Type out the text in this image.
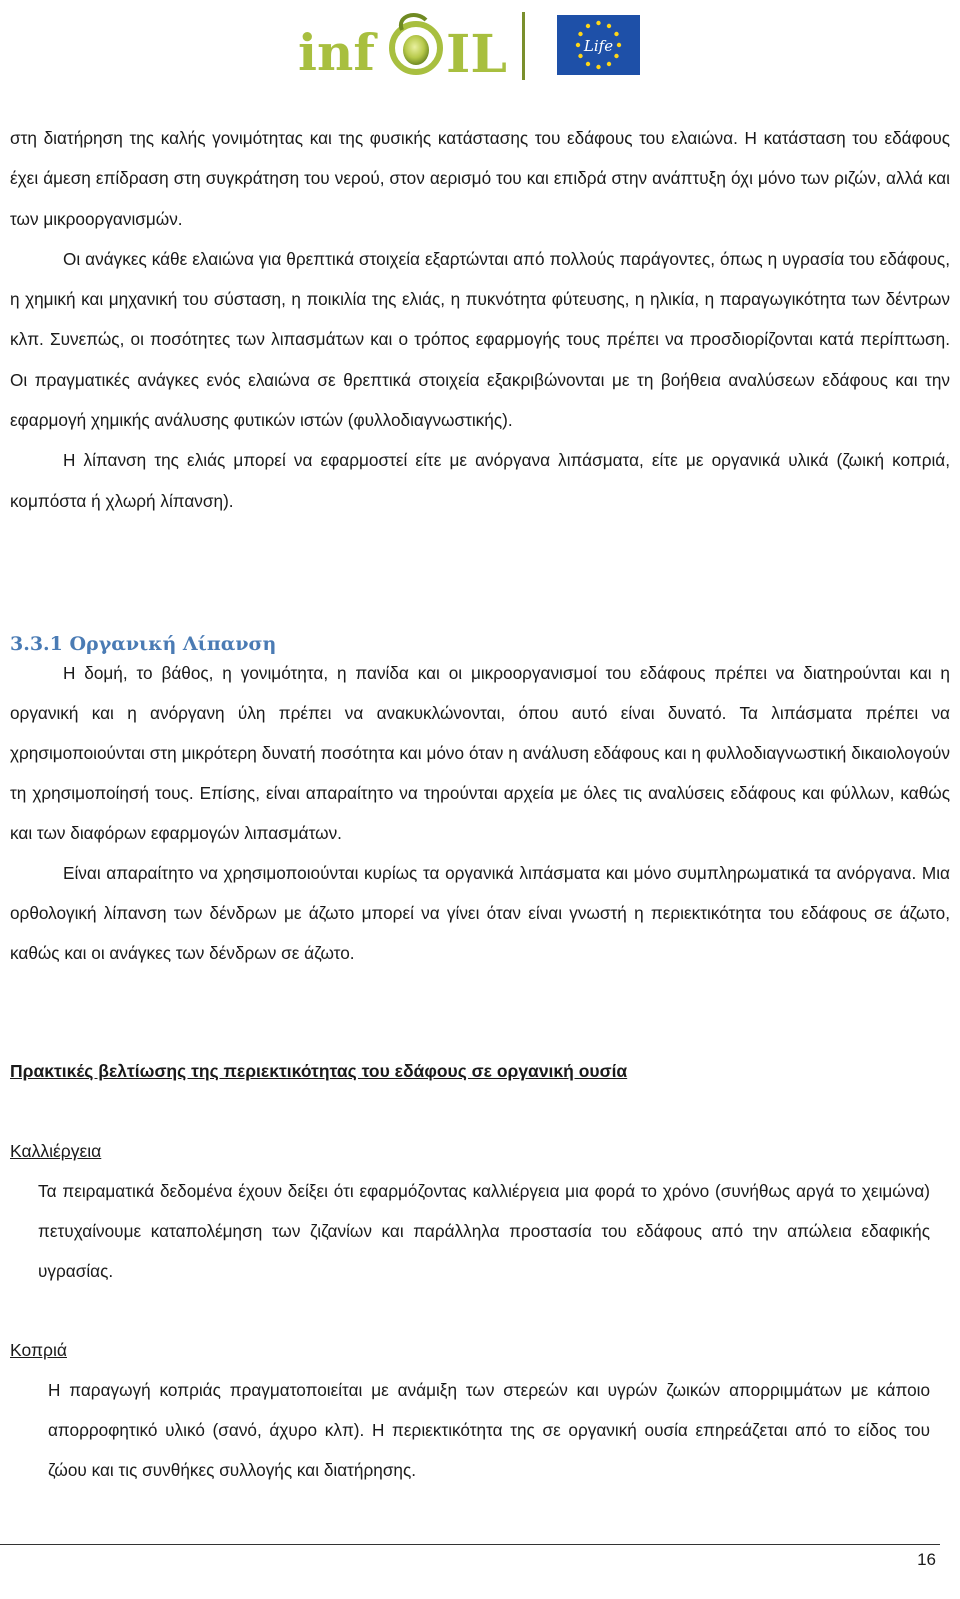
inf IL	Life

στη διατήρηση της καλής γονιμότητας και της φυσικής κατάστασης του εδάφους του ελαιώνα. Η κατάσταση του εδάφους έχει άμεση επίδραση στη συγκράτηση του νερού, στον αερισμό του και επιδρά στην ανάπτυξη όχι μόνο των ριζών, αλλά και των μικροοργανισμών.

Οι ανάγκες κάθε ελαιώνα για θρεπτικά στοιχεία εξαρτώνται από πολλούς παράγοντες, όπως η υγρασία του εδάφους, η χημική και μηχανική του σύσταση, η ποικιλία της ελιάς, η πυκνότητα φύτευσης, η ηλικία, η παραγωγικότητα των δέντρων κλπ. Συνεπώς, οι ποσότητες των λιπασμάτων και ο τρόπος εφαρμογής τους πρέπει να προσδιορίζονται κατά περίπτωση. Οι πραγματικές ανάγκες ενός ελαιώνα σε θρεπτικά στοιχεία εξακριβώνονται με τη βοήθεια αναλύσεων εδάφους και την εφαρμογή χημικής ανάλυσης φυτικών ιστών (φυλλοδιαγνωστικής).

Η λίπανση της ελιάς μπορεί να εφαρμοστεί είτε με ανόργανα λιπάσματα, είτε με οργανικά υλικά (ζωική κοπριά, κομπόστα ή χλωρή λίπανση).

3.3.1 Οργανική Λίπανση

Η δομή, το βάθος, η γονιμότητα, η πανίδα και οι μικροοργανισμοί του εδάφους πρέπει να διατηρούνται και η οργανική και η ανόργανη ύλη πρέπει να ανακυκλώνονται, όπου αυτό είναι δυνατό. Τα λιπάσματα πρέπει να χρησιμοποιούνται στη μικρότερη δυνατή ποσότητα και μόνο όταν η ανάλυση εδάφους και η φυλλοδιαγνωστική δικαιολογούν τη χρησιμοποίησή τους. Επίσης, είναι απαραίτητο να τηρούνται αρχεία με όλες τις αναλύσεις εδάφους και φύλλων, καθώς και των διαφόρων εφαρμογών λιπασμάτων.

Είναι απαραίτητο να χρησιμοποιούνται κυρίως τα οργανικά λιπάσματα και μόνο συμπληρωματικά τα ανόργανα. Μια ορθολογική λίπανση των δένδρων με άζωτο μπορεί να γίνει όταν είναι γνωστή η περιεκτικότητα του εδάφους σε άζωτο, καθώς και οι ανάγκες των δένδρων σε άζωτο.

Πρακτικές βελτίωσης της περιεκτικότητας του εδάφους σε οργανική ουσία

Καλλιέργεια

Τα πειραματικά δεδομένα έχουν δείξει ότι εφαρμόζοντας καλλιέργεια μια φορά το χρόνο (συνήθως αργά το χειμώνα) πετυχαίνουμε καταπολέμηση των ζιζανίων και παράλληλα προστασία του εδάφους από την απώλεια εδαφικής υγρασίας.

Κοπριά

Η παραγωγή κοπριάς πραγματοποιείται με ανάμιξη των στερεών και υγρών ζωικών απορριμμάτων με κάποιο απορροφητικό υλικό (σανό, άχυρο κλπ). Η περιεκτικότητα της σε οργανική ουσία επηρεάζεται από το είδος του ζώου και τις συνθήκες συλλογής και διατήρησης.

16
